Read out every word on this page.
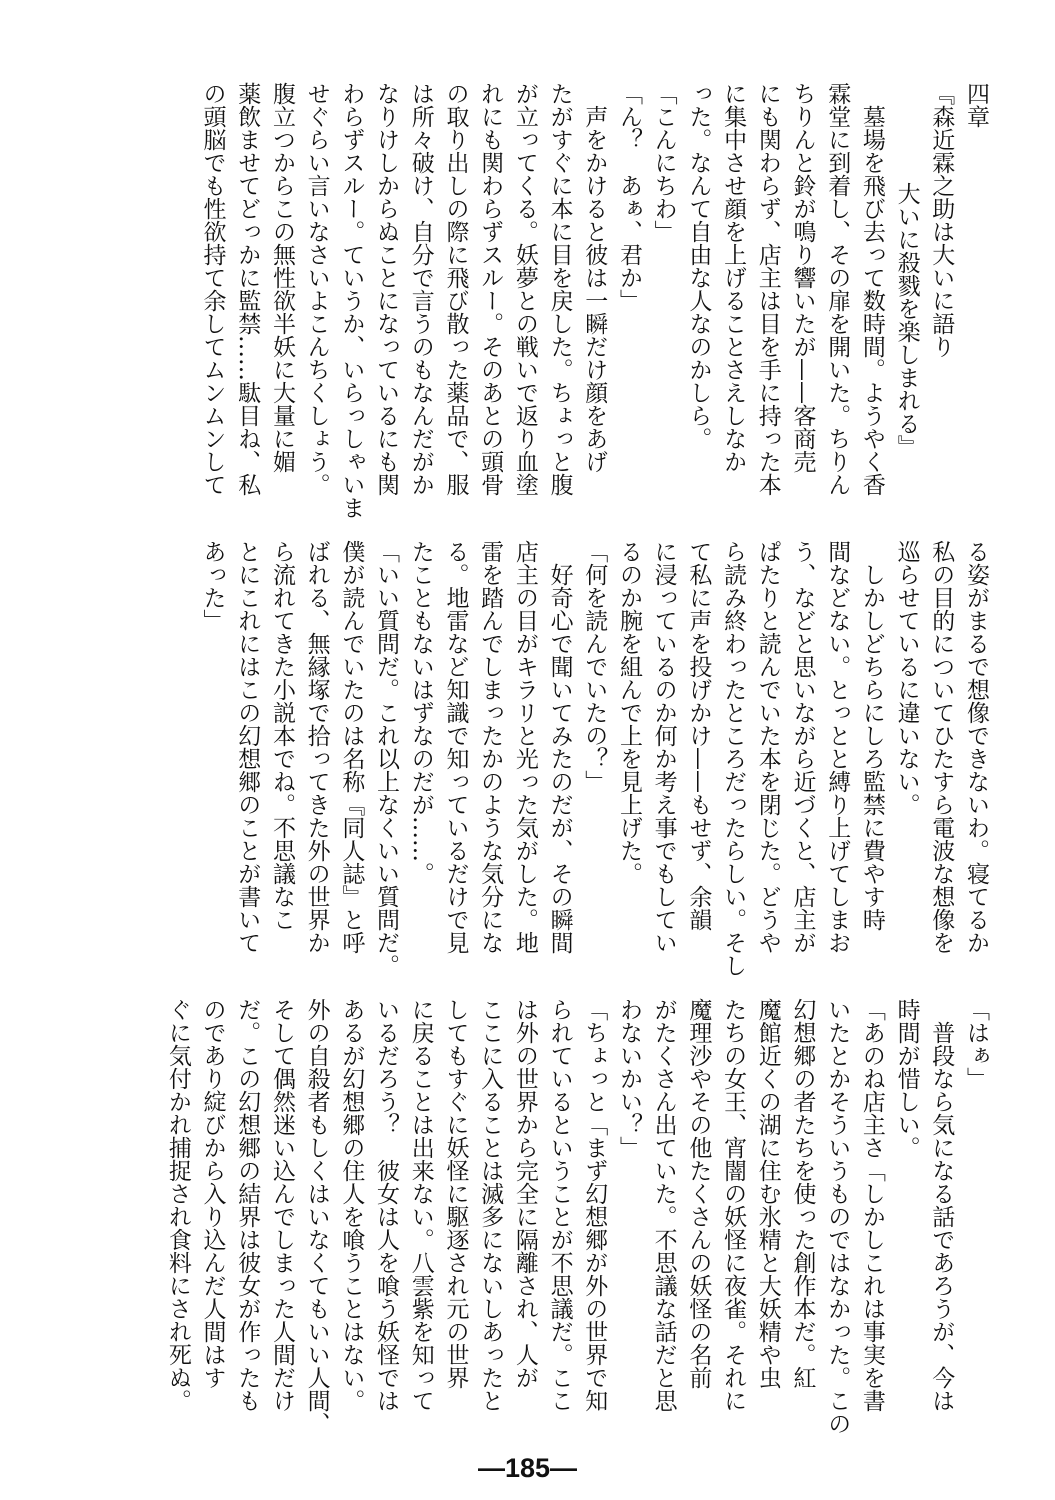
四章
『森近霖之助は大いに語り
大いに殺戮を楽しまれる』
　墓場を飛び去って数時間。ようやく香
霖堂に到着し、その扉を開いた。ちりん
ちりんと鈴が鳴り響いたが——客商売
にも関わらず、店主は目を手に持った本
に集中させ顔を上げることさえしなか
った。なんて自由な人なのかしら。
「こんにちわ」
「ん？　あぁ、君か」
　声をかけると彼は一瞬だけ顔をあげ
たがすぐに本に目を戻した。ちょっと腹
が立ってくる。妖夢との戦いで返り血塗
れにも関わらずスルー。そのあとの頭骨
の取り出しの際に飛び散った薬品で、服
は所々破け、自分で言うのもなんだがか
なりけしからぬことになっているにも関
わらずスルー。ていうか、いらっしゃいま
せぐらい言いなさいよこんちくしょう。
腹立つからこの無性欲半妖に大量に媚
薬飲ませてどっかに監禁……駄目ね、私
の頭脳でも性欲持て余してムンムンして
る姿がまるで想像できないわ。寝てるか
私の目的についてひたすら電波な想像を
巡らせているに違いない。
　しかしどちらにしろ監禁に費やす時
間などない。とっとと縛り上げてしまお
う、などと思いながら近づくと、店主が
ぱたりと読んでいた本を閉じた。どうや
ら読み終わったところだったらしい。そし
て私に声を投げかけ——もせず、余韻
に浸っているのか何か考え事でもしてい
るのか腕を組んで上を見上げた。
「何を読んでいたの？」
　好奇心で聞いてみたのだが、その瞬間
店主の目がキラリと光った気がした。地
雷を踏んでしまったかのような気分にな
る。地雷など知識で知っているだけで見
たこともないはずなのだが……。
「いい質問だ。これ以上なくいい質問だ。
僕が読んでいたのは名称『同人誌』と呼
ばれる、無縁塚で拾ってきた外の世界か
ら流れてきた小説本でね。不思議なこ
とにこれにはこの幻想郷のことが書いて
あった」
「はぁ」
　普段なら気になる話であろうが、今は
時間が惜しい。
「あのね店主さ「しかしこれは事実を書
いたとかそういうものではなかった。この
幻想郷の者たちを使った創作本だ。紅
魔館近くの湖に住む氷精と大妖精や虫
たちの女王、宵闇の妖怪に夜雀。それに
魔理沙やその他たくさんの妖怪の名前
がたくさん出ていた。不思議な話だと思
わないかい？」
「ちょっと「まず幻想郷が外の世界で知
られているということが不思議だ。ここ
は外の世界から完全に隔離され、人が
ここに入ることは滅多にないしあったと
してもすぐに妖怪に駆逐され元の世界
に戻ることは出来ない。八雲紫を知って
いるだろう？　彼女は人を喰う妖怪では
あるが幻想郷の住人を喰うことはない。
外の自殺者もしくはいなくてもいい人間、
そして偶然迷い込んでしまった人間だけ
だ。この幻想郷の結界は彼女が作ったも
のであり綻びから入り込んだ人間はす
ぐに気付かれ捕捉され食料にされ死ぬ。
—185—
